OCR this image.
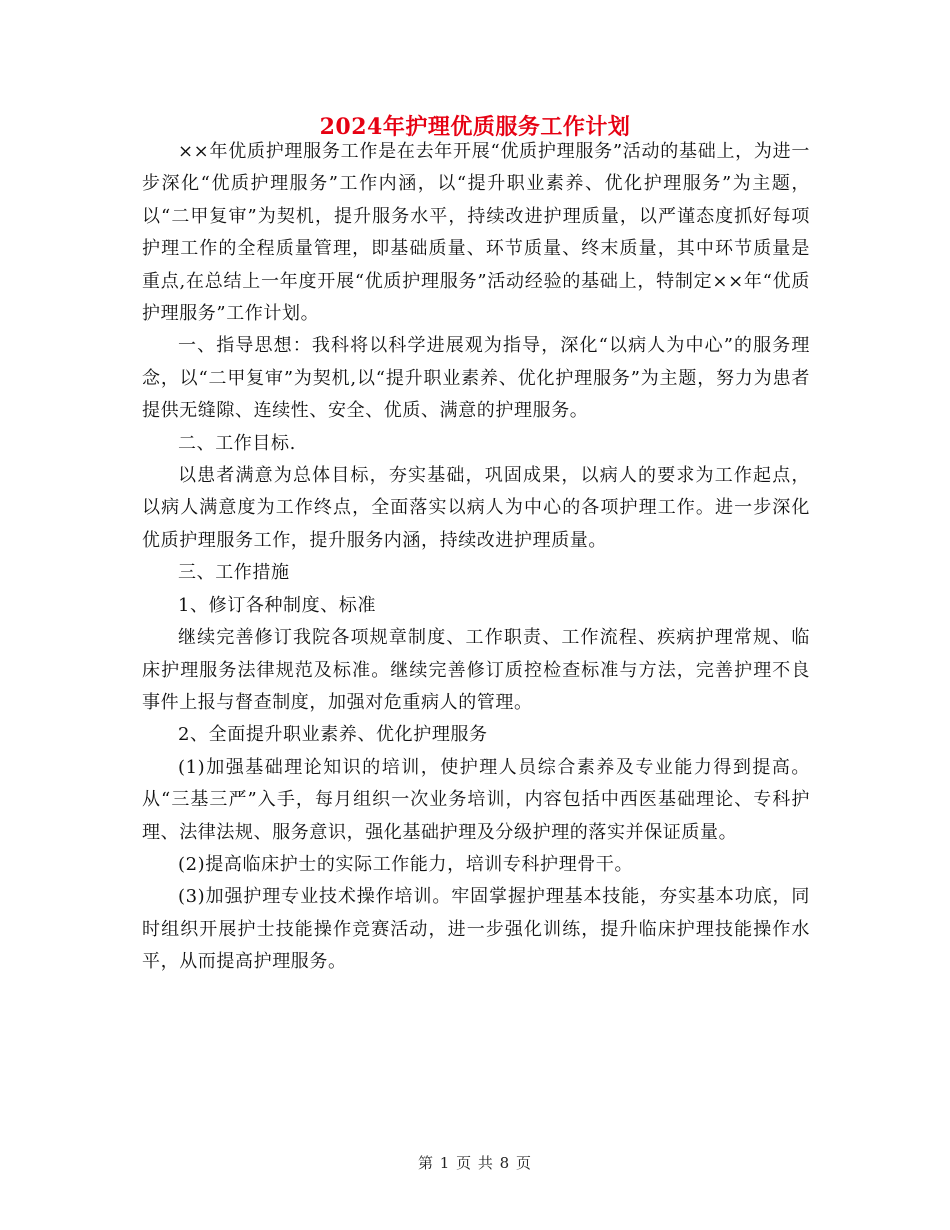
2024年护理优质服务工作计划

××年优质护理服务工作是在去年开展“优质护理服务”活动的基础上，为进一步深化“优质护理服务”工作内涵，以“提升职业素养、优化护理服务”为主题，以“二甲复审”为契机，提升服务水平，持续改进护理质量，以严谨态度抓好每项护理工作的全程质量管理，即基础质量、环节质量、终末质量，其中环节质量是重点,在总结上一年度开展“优质护理服务”活动经验的基础上，特制定××年“优质护理服务”工作计划。

一、指导思想：我科将以科学进展观为指导，深化“以病人为中心”的服务理念，以“二甲复审”为契机,以“提升职业素养、优化护理服务”为主题，努力为患者提供无缝隙、连续性、安全、优质、满意的护理服务。

二、工作目标.

以患者满意为总体目标，夯实基础，巩固成果，以病人的要求为工作起点，以病人满意度为工作终点，全面落实以病人为中心的各项护理工作。进一步深化优质护理服务工作，提升服务内涵，持续改进护理质量。

三、工作措施

1、修订各种制度、标准

继续完善修订我院各项规章制度、工作职责、工作流程、疾病护理常规、临床护理服务法律规范及标准。继续完善修订质控检查标准与方法，完善护理不良事件上报与督查制度，加强对危重病人的管理。

2、全面提升职业素养、优化护理服务

(1)加强基础理论知识的培训，使护理人员综合素养及专业能力得到提高。从“三基三严”入手，每月组织一次业务培训，内容包括中西医基础理论、专科护理、法律法规、服务意识，强化基础护理及分级护理的落实并保证质量。

(2)提高临床护士的实际工作能力，培训专科护理骨干。

(3)加强护理专业技术操作培训。牢固掌握护理基本技能，夯实基本功底，同时组织开展护士技能操作竞赛活动，进一步强化训练，提升临床护理技能操作水平，从而提高护理服务。

第 1 页 共 8 页
